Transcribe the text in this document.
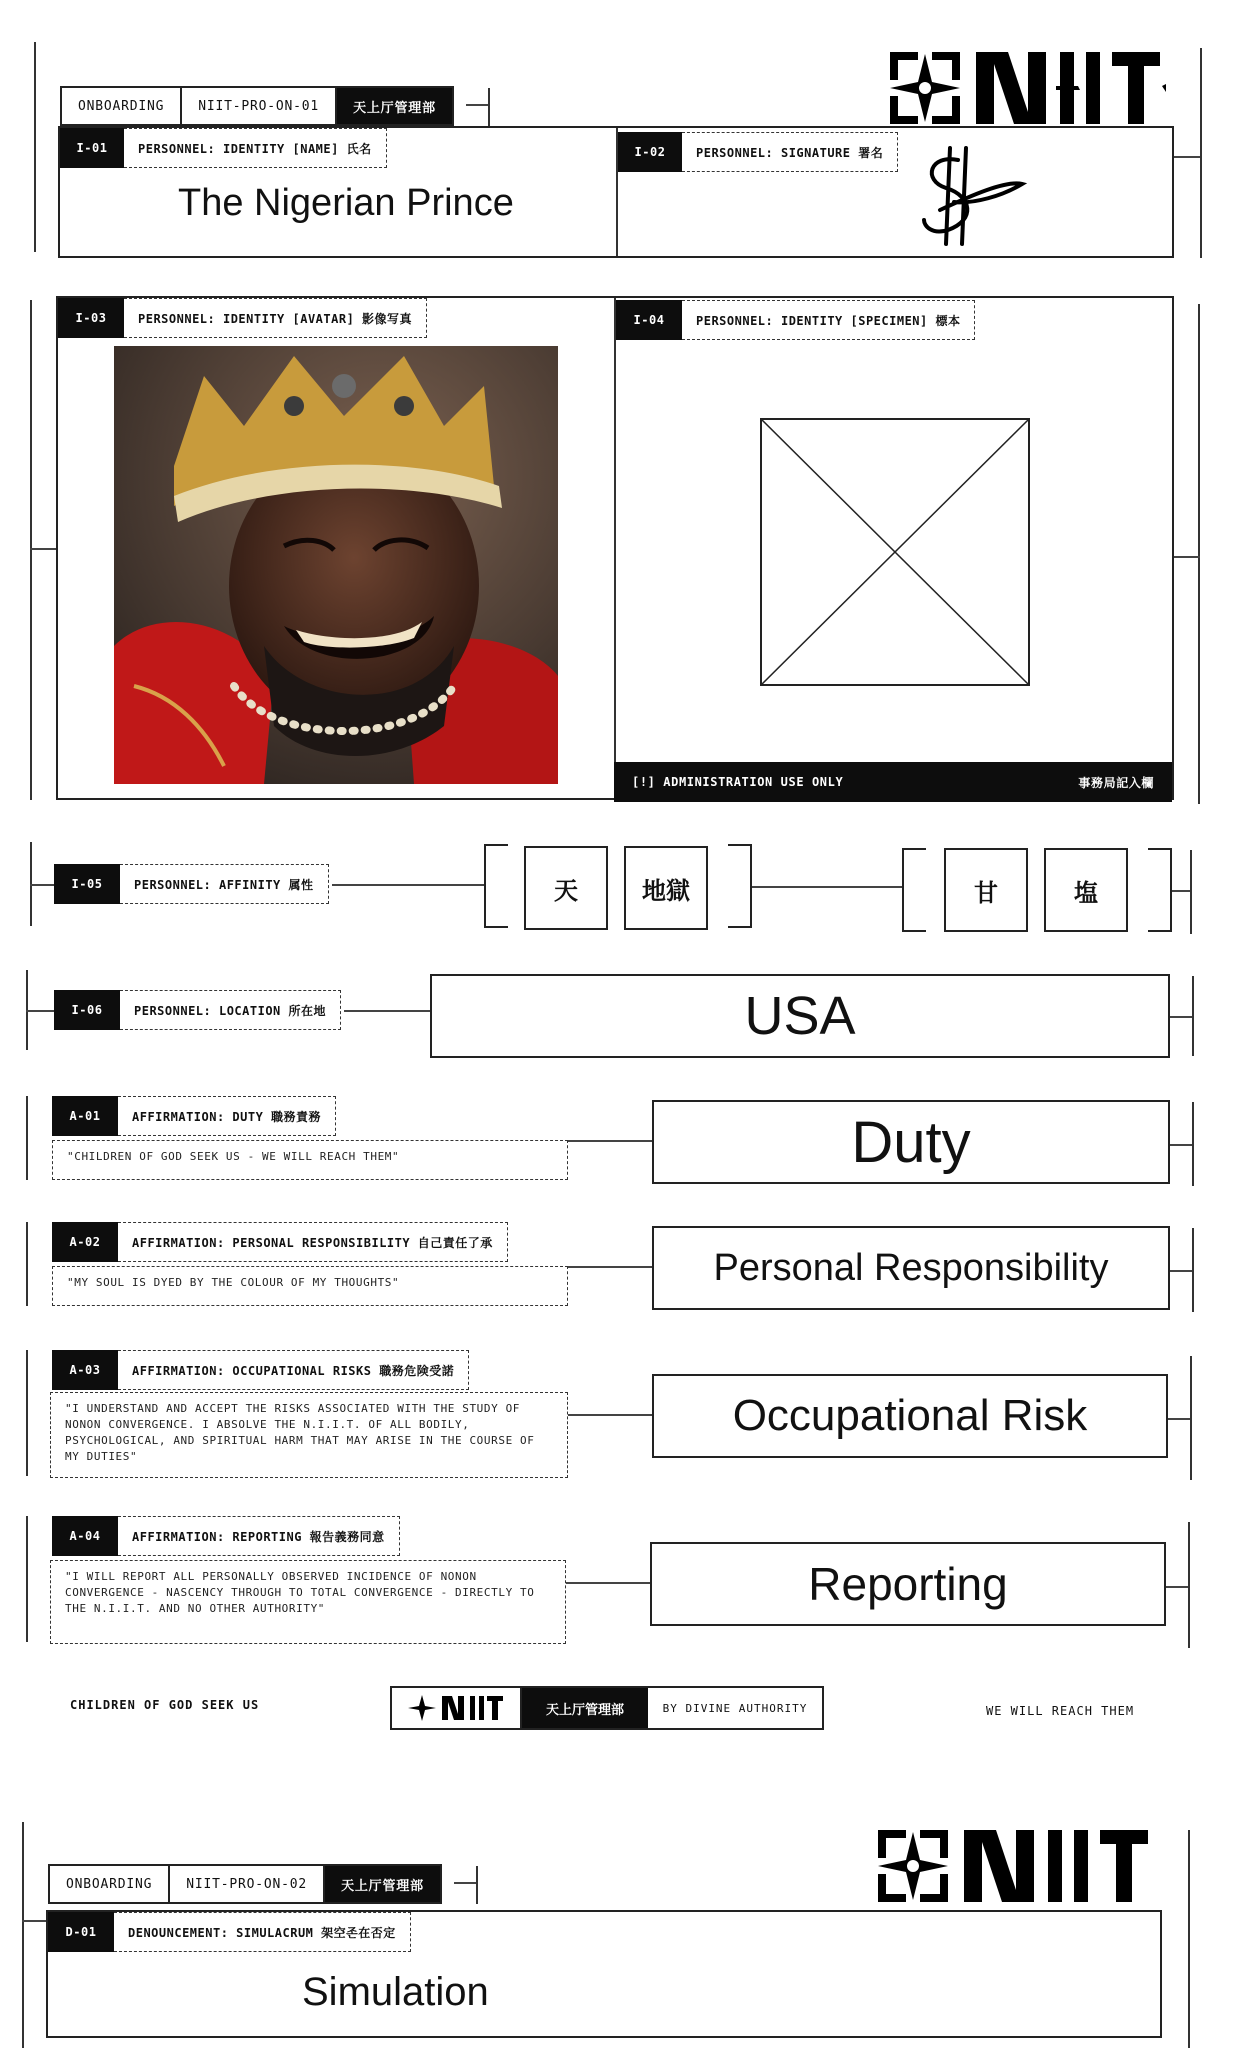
ONBOARDING	NIIT-PRO-ON-01	天上厅管理部
I-01	PERSONNEL: IDENTITY [NAME] 氏名
The Nigerian Prince
I-02	PERSONNEL: SIGNATURE 署名
I-03	PERSONNEL: IDENTITY [AVATAR] 影像写真	I-04	PERSONNEL: IDENTITY [SPECIMEN] 標本
[!] ADMINISTRATION USE ONLY	事務局記入欄
I-05	PERSONNEL: AFFINITY 属性	天	地獄	甘	塩
I-06	PERSONNEL: LOCATION 所在地	USA
A-01	AFFIRMATION: DUTY 職務責務
"CHILDREN OF GOD SEEK US - WE WILL REACH THEM"	Duty
A-02	AFFIRMATION: PERSONAL RESPONSIBILITY 自己責任了承
"MY SOUL IS DYED BY THE COLOUR OF MY THOUGHTS"	Personal Responsibility
A-03	AFFIRMATION: OCCUPATIONAL RISKS 職務危険受諾
"I UNDERSTAND AND ACCEPT THE RISKS ASSOCIATED WITH THE STUDY OF NONON CONVERGENCE. I ABSOLVE THE N.I.I.T. OF ALL BODILY, PSYCHOLOGICAL, AND SPIRITUAL HARM THAT MAY ARISE IN THE COURSE OF MY DUTIES"
Occupational Risk
A-04	AFFIRMATION: REPORTING 報告義務同意
"I WILL REPORT ALL PERSONALLY OBSERVED INCIDENCE OF NONON CONVERGENCE - NASCENCY THROUGH TO TOTAL CONVERGENCE - DIRECTLY TO THE N.I.I.T. AND NO OTHER AUTHORITY"	Reporting
CHILDREN OF GOD SEEK US	天上厅管理部	BY DIVINE AUTHORITY	WE WILL REACH THEM
ONBOARDING	NIIT-PRO-ON-02	天上厅管理部
D-01	DENOUNCEMENT: SIMULACRUM 架空존在否定
Simulation
